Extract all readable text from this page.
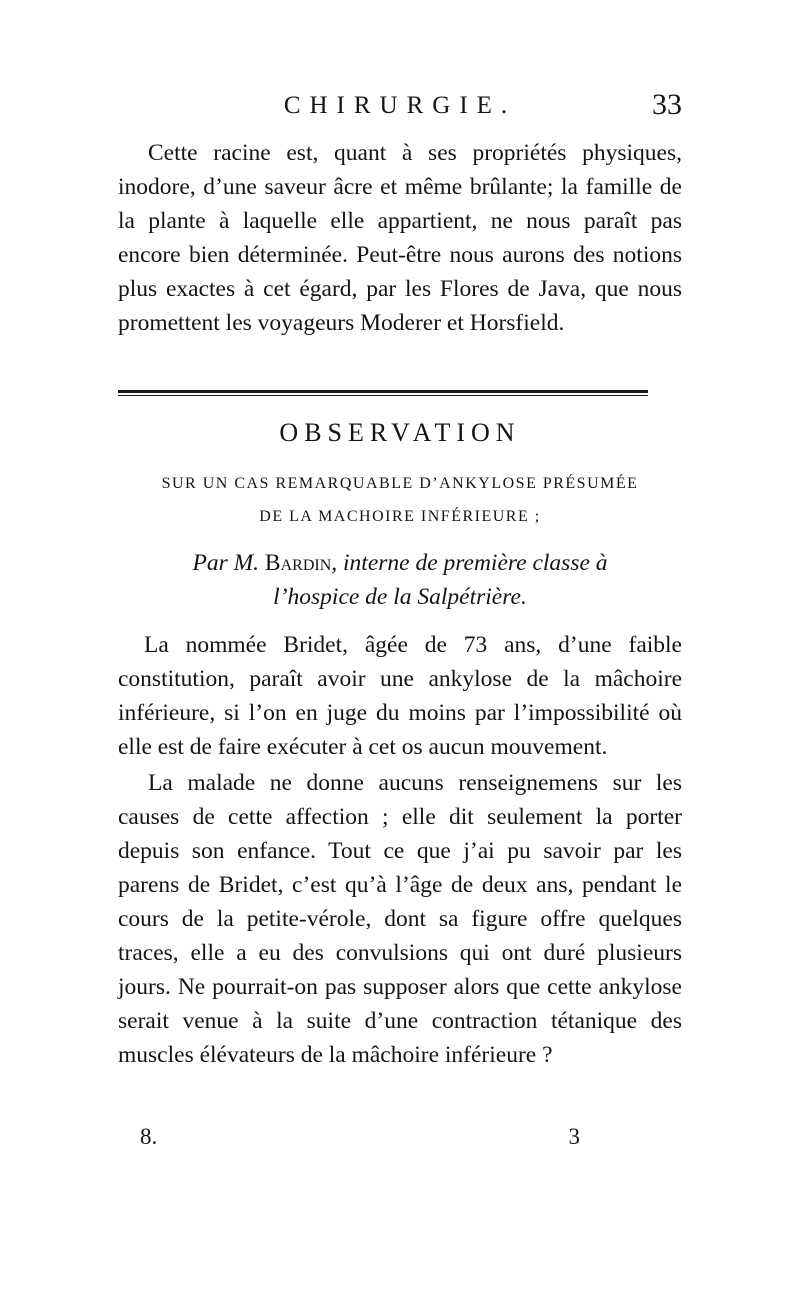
CHIRURGIE.	33

Cette racine est, quant à ses propriétés physiques, inodore, d’une saveur âcre et même brûlante; la famille de la plante à laquelle elle appartient, ne nous paraît pas encore bien déterminée. Peut-être nous aurons des notions plus exactes à cet égard, par les Flores de Java, que nous promettent les voyageurs Moderer et Horsfield.

OBSERVATION
SUR UN CAS REMARQUABLE D’ANKYLOSE PRÉSUMÉE
DE LA MACHOIRE INFÉRIEURE ;
Par M. Bardin, interne de première classe à
l’hospice de la Salpétrière.

La nommée Bridet, âgée de 73 ans, d’une faible constitution, paraît avoir une ankylose de la mâchoire inférieure, si l’on en juge du moins par l’impossibilité où elle est de faire exécuter à cet os aucun mouvement.

La malade ne donne aucuns renseignemens sur les causes de cette affection ; elle dit seulement la porter depuis son enfance. Tout ce que j’ai pu savoir par les parens de Bridet, c’est qu’à l’âge de deux ans, pendant le cours de la petite-vérole, dont sa figure offre quelques traces, elle a eu des convulsions qui ont duré plusieurs jours. Ne pourrait-on pas supposer alors que cette ankylose serait venue à la suite d’une contraction tétanique des muscles élévateurs de la mâchoire inférieure ?

8.	3
